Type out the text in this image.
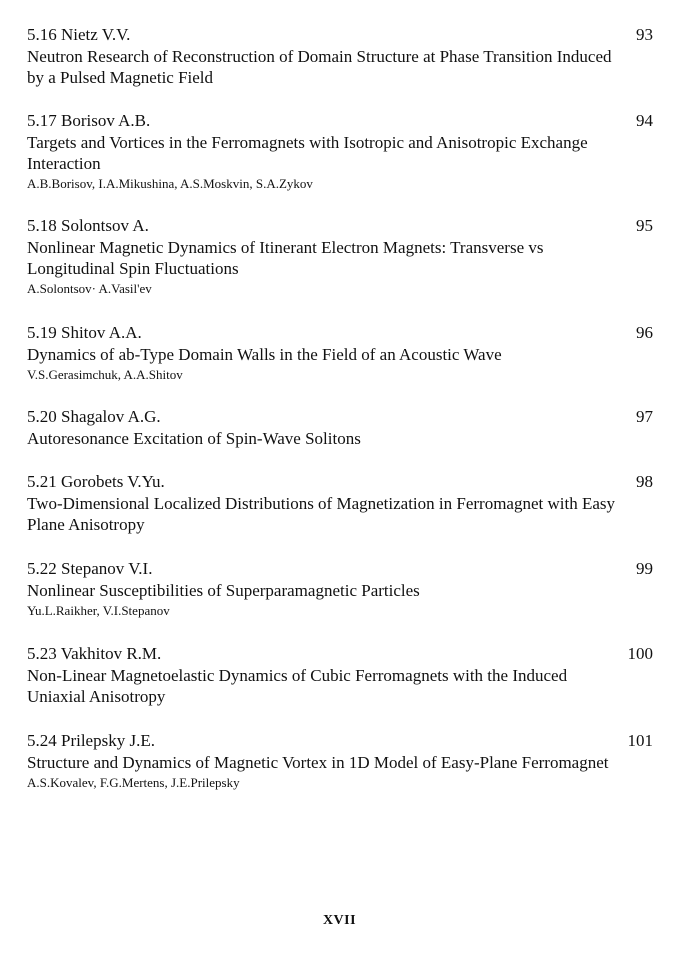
5.16 Nietz V.V.	93
Neutron Research of Reconstruction of Domain Structure at Phase Transition Induced by a Pulsed Magnetic Field
5.17 Borisov A.B.	94
Targets and Vortices in the Ferromagnets with Isotropic and Anisotropic Exchange Interaction
A.B.Borisov, I.A.Mikushina, A.S.Moskvin, S.A.Zykov
5.18 Solontsov A.	95
Nonlinear Magnetic Dynamics of Itinerant Electron Magnets: Transverse vs Longitudinal Spin Fluctuations
A.Solontsov· A.Vasil'ev
5.19 Shitov A.A.	96
Dynamics of ab-Type Domain Walls in the Field of an Acoustic Wave
V.S.Gerasimchuk, A.A.Shitov
5.20 Shagalov A.G.	97
Autoresonance Excitation of Spin-Wave Solitons
5.21 Gorobets V.Yu.	98
Two-Dimensional Localized Distributions of Magnetization in Ferromagnet with Easy Plane Anisotropy
5.22 Stepanov V.I.	99
Nonlinear Susceptibilities of Superparamagnetic Particles
Yu.L.Raikher, V.I.Stepanov
5.23 Vakhitov R.M.	100
Non-Linear Magnetoelastic Dynamics of Cubic Ferromagnets with the Induced Uniaxial Anisotropy
5.24 Prilepsky J.E.	101
Structure and Dynamics of Magnetic Vortex in 1D Model of Easy-Plane Ferromagnet
A.S.Kovalev, F.G.Mertens, J.E.Prilepsky
XVII
